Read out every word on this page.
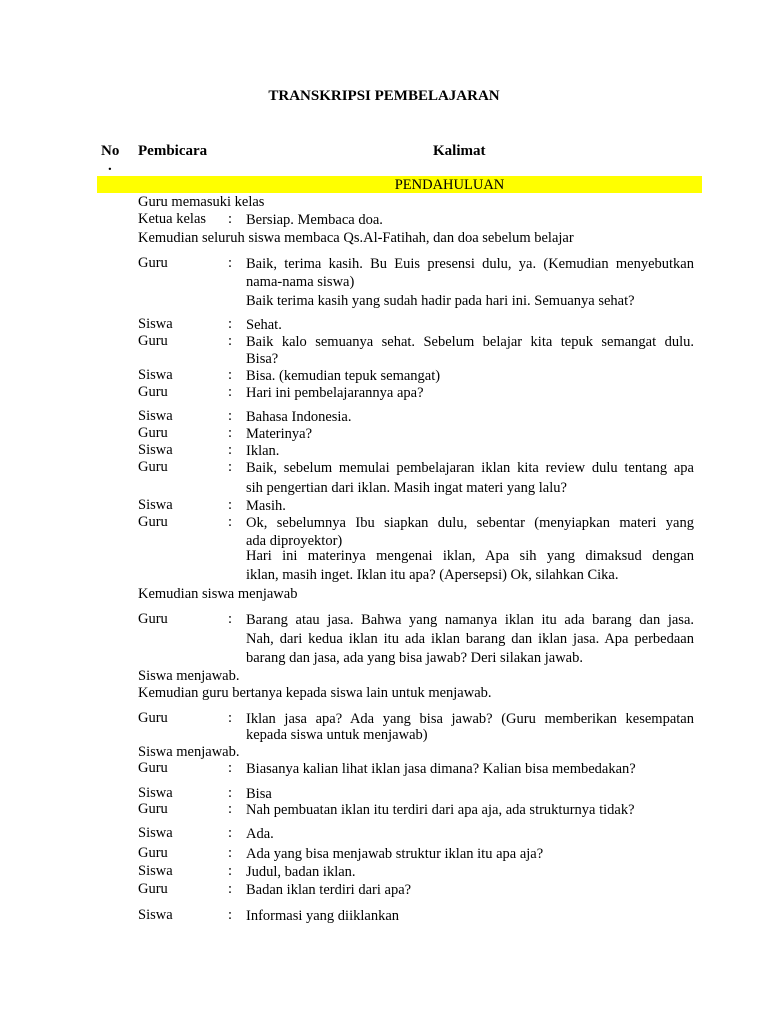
TRANSKRIPSI PEMBELAJARAN
No
.
Pembicara	Kalimat
PENDAHULUAN
Guru memasuki kelas
Ketua kelas : Bersiap. Membaca doa.
Kemudian seluruh siswa membaca Qs.Al-Fatihah, dan doa sebelum belajar
Guru	: Baik, terima kasih. Bu Euis presensi dulu, ya. (Kemudian menyebutkan
nama-nama siswa)
Baik terima kasih yang sudah hadir pada hari ini. Semuanya sehat?
Siswa	: Sehat.
Guru	: Baik kalo semuanya sehat. Sebelum belajar kita tepuk semangat dulu.
Bisa?
Siswa	: Bisa. (kemudian tepuk semangat)
Guru	: Hari ini pembelajarannya apa?
Siswa	: Bahasa Indonesia.
Guru	: Materinya?
Siswa	: Iklan.
Guru	: Baik, sebelum memulai pembelajaran iklan kita review dulu tentang apa
sih pengertian dari iklan. Masih ingat materi yang lalu?
Siswa	: Masih.
Guru	: Ok, sebelumnya Ibu siapkan dulu, sebentar (menyiapkan materi yang
ada diproyektor)
Hari ini materinya mengenai iklan, Apa sih yang dimaksud dengan
iklan, masih inget. Iklan itu apa? (Apersepsi) Ok, silahkan Cika.
Kemudian siswa menjawab
Guru	: Barang atau jasa. Bahwa yang namanya iklan itu ada barang dan jasa.
Nah, dari kedua iklan itu ada iklan barang dan iklan jasa. Apa perbedaan
barang dan jasa, ada yang bisa jawab? Deri silakan jawab.
Siswa menjawab.
Kemudian guru bertanya kepada siswa lain untuk menjawab.
Guru	: Iklan jasa apa? Ada yang bisa jawab? (Guru memberikan kesempatan
kepada siswa untuk menjawab)
Siswa menjawab.
Guru	: Biasanya kalian lihat iklan jasa dimana? Kalian bisa membedakan?
Siswa	: Bisa
Guru	: Nah pembuatan iklan itu terdiri dari apa aja, ada strukturnya tidak?
Siswa	: Ada.
Guru	: Ada yang bisa menjawab struktur iklan itu apa aja?
Siswa	: Judul, badan iklan.
Guru	: Badan iklan terdiri dari apa?
Siswa	: Informasi yang diiklankan
